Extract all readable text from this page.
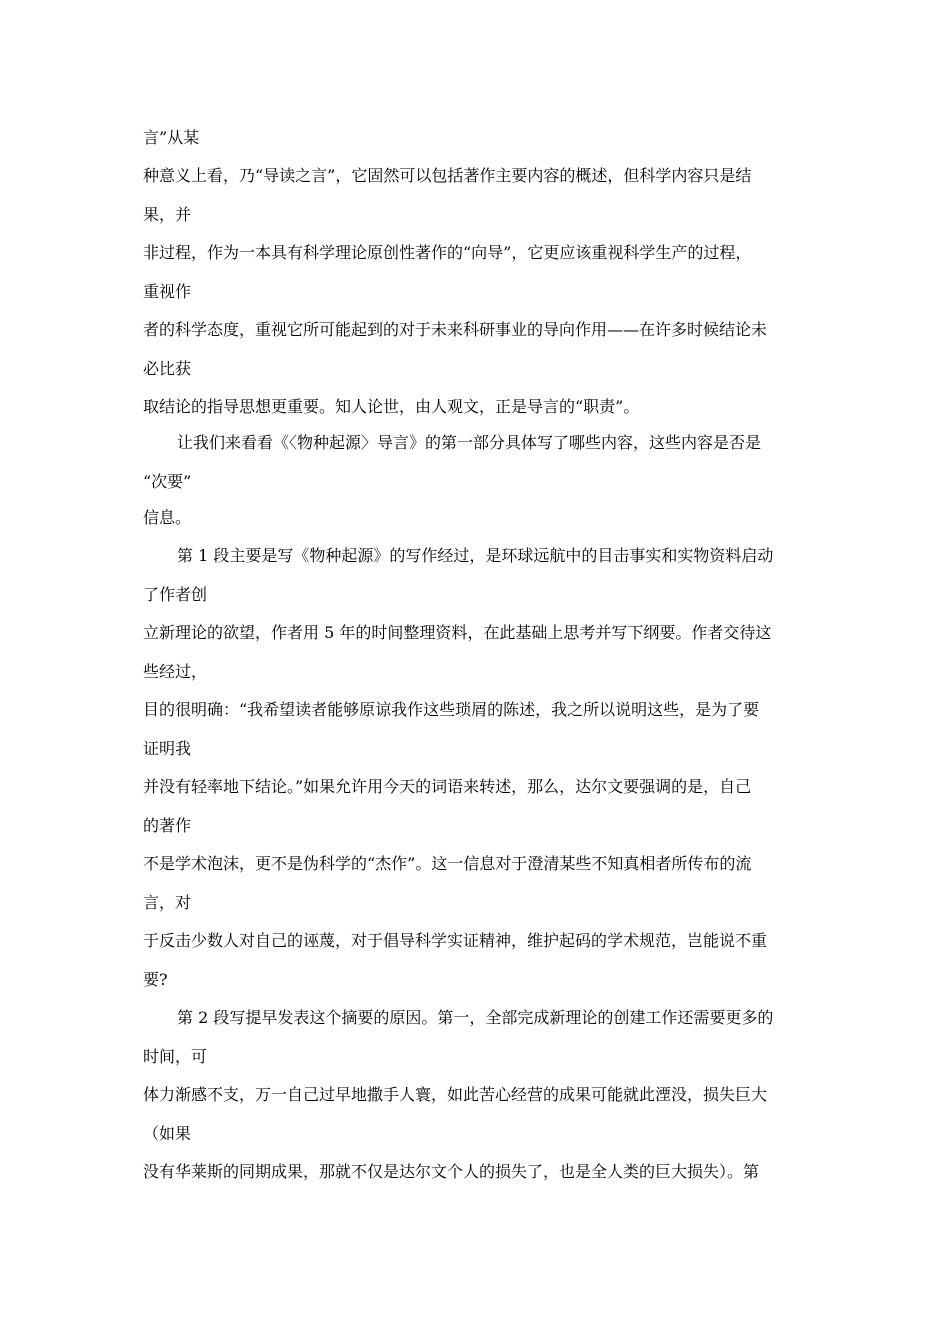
言”从某
种意义上看，乃“导读之言”，它固然可以包括著作主要内容的概述，但科学内容只是结
果，并
非过程，作为一本具有科学理论原创性著作的“向导”，它更应该重视科学生产的过程，
重视作
者的科学态度，重视它所可能起到的对于未来科研事业的导向作用——在许多时候结论未
必比获
取结论的指导思想更重要。知人论世，由人观文，正是导言的“职责”。
让我们来看看《〈物种起源〉导言》的第一部分具体写了哪些内容，这些内容是否是
“次要”
信息。
第 1 段主要是写《物种起源》的写作经过，是环球远航中的目击事实和实物资料启动
了作者创
立新理论的欲望，作者用 5 年的时间整理资料，在此基础上思考并写下纲要。作者交待这
些经过，
目的很明确：“我希望读者能够原谅我作这些琐屑的陈述，我之所以说明这些，是为了要
证明我
并没有轻率地下结论。”如果允许用今天的词语来转述，那么，达尔文要强调的是，自己
的著作
不是学术泡沫，更不是伪科学的“杰作”。这一信息对于澄清某些不知真相者所传布的流
言，对
于反击少数人对自己的诬蔑，对于倡导科学实证精神，维护起码的学术规范，岂能说不重
要?
第 2 段写提早发表这个摘要的原因。第一，全部完成新理论的创建工作还需要更多的
时间，可
体力渐感不支，万一自己过早地撒手人寰，如此苦心经营的成果可能就此湮没，损失巨大
（如果
没有华莱斯的同期成果，那就不仅是达尔文个人的损失了，也是全人类的巨大损失）。第
